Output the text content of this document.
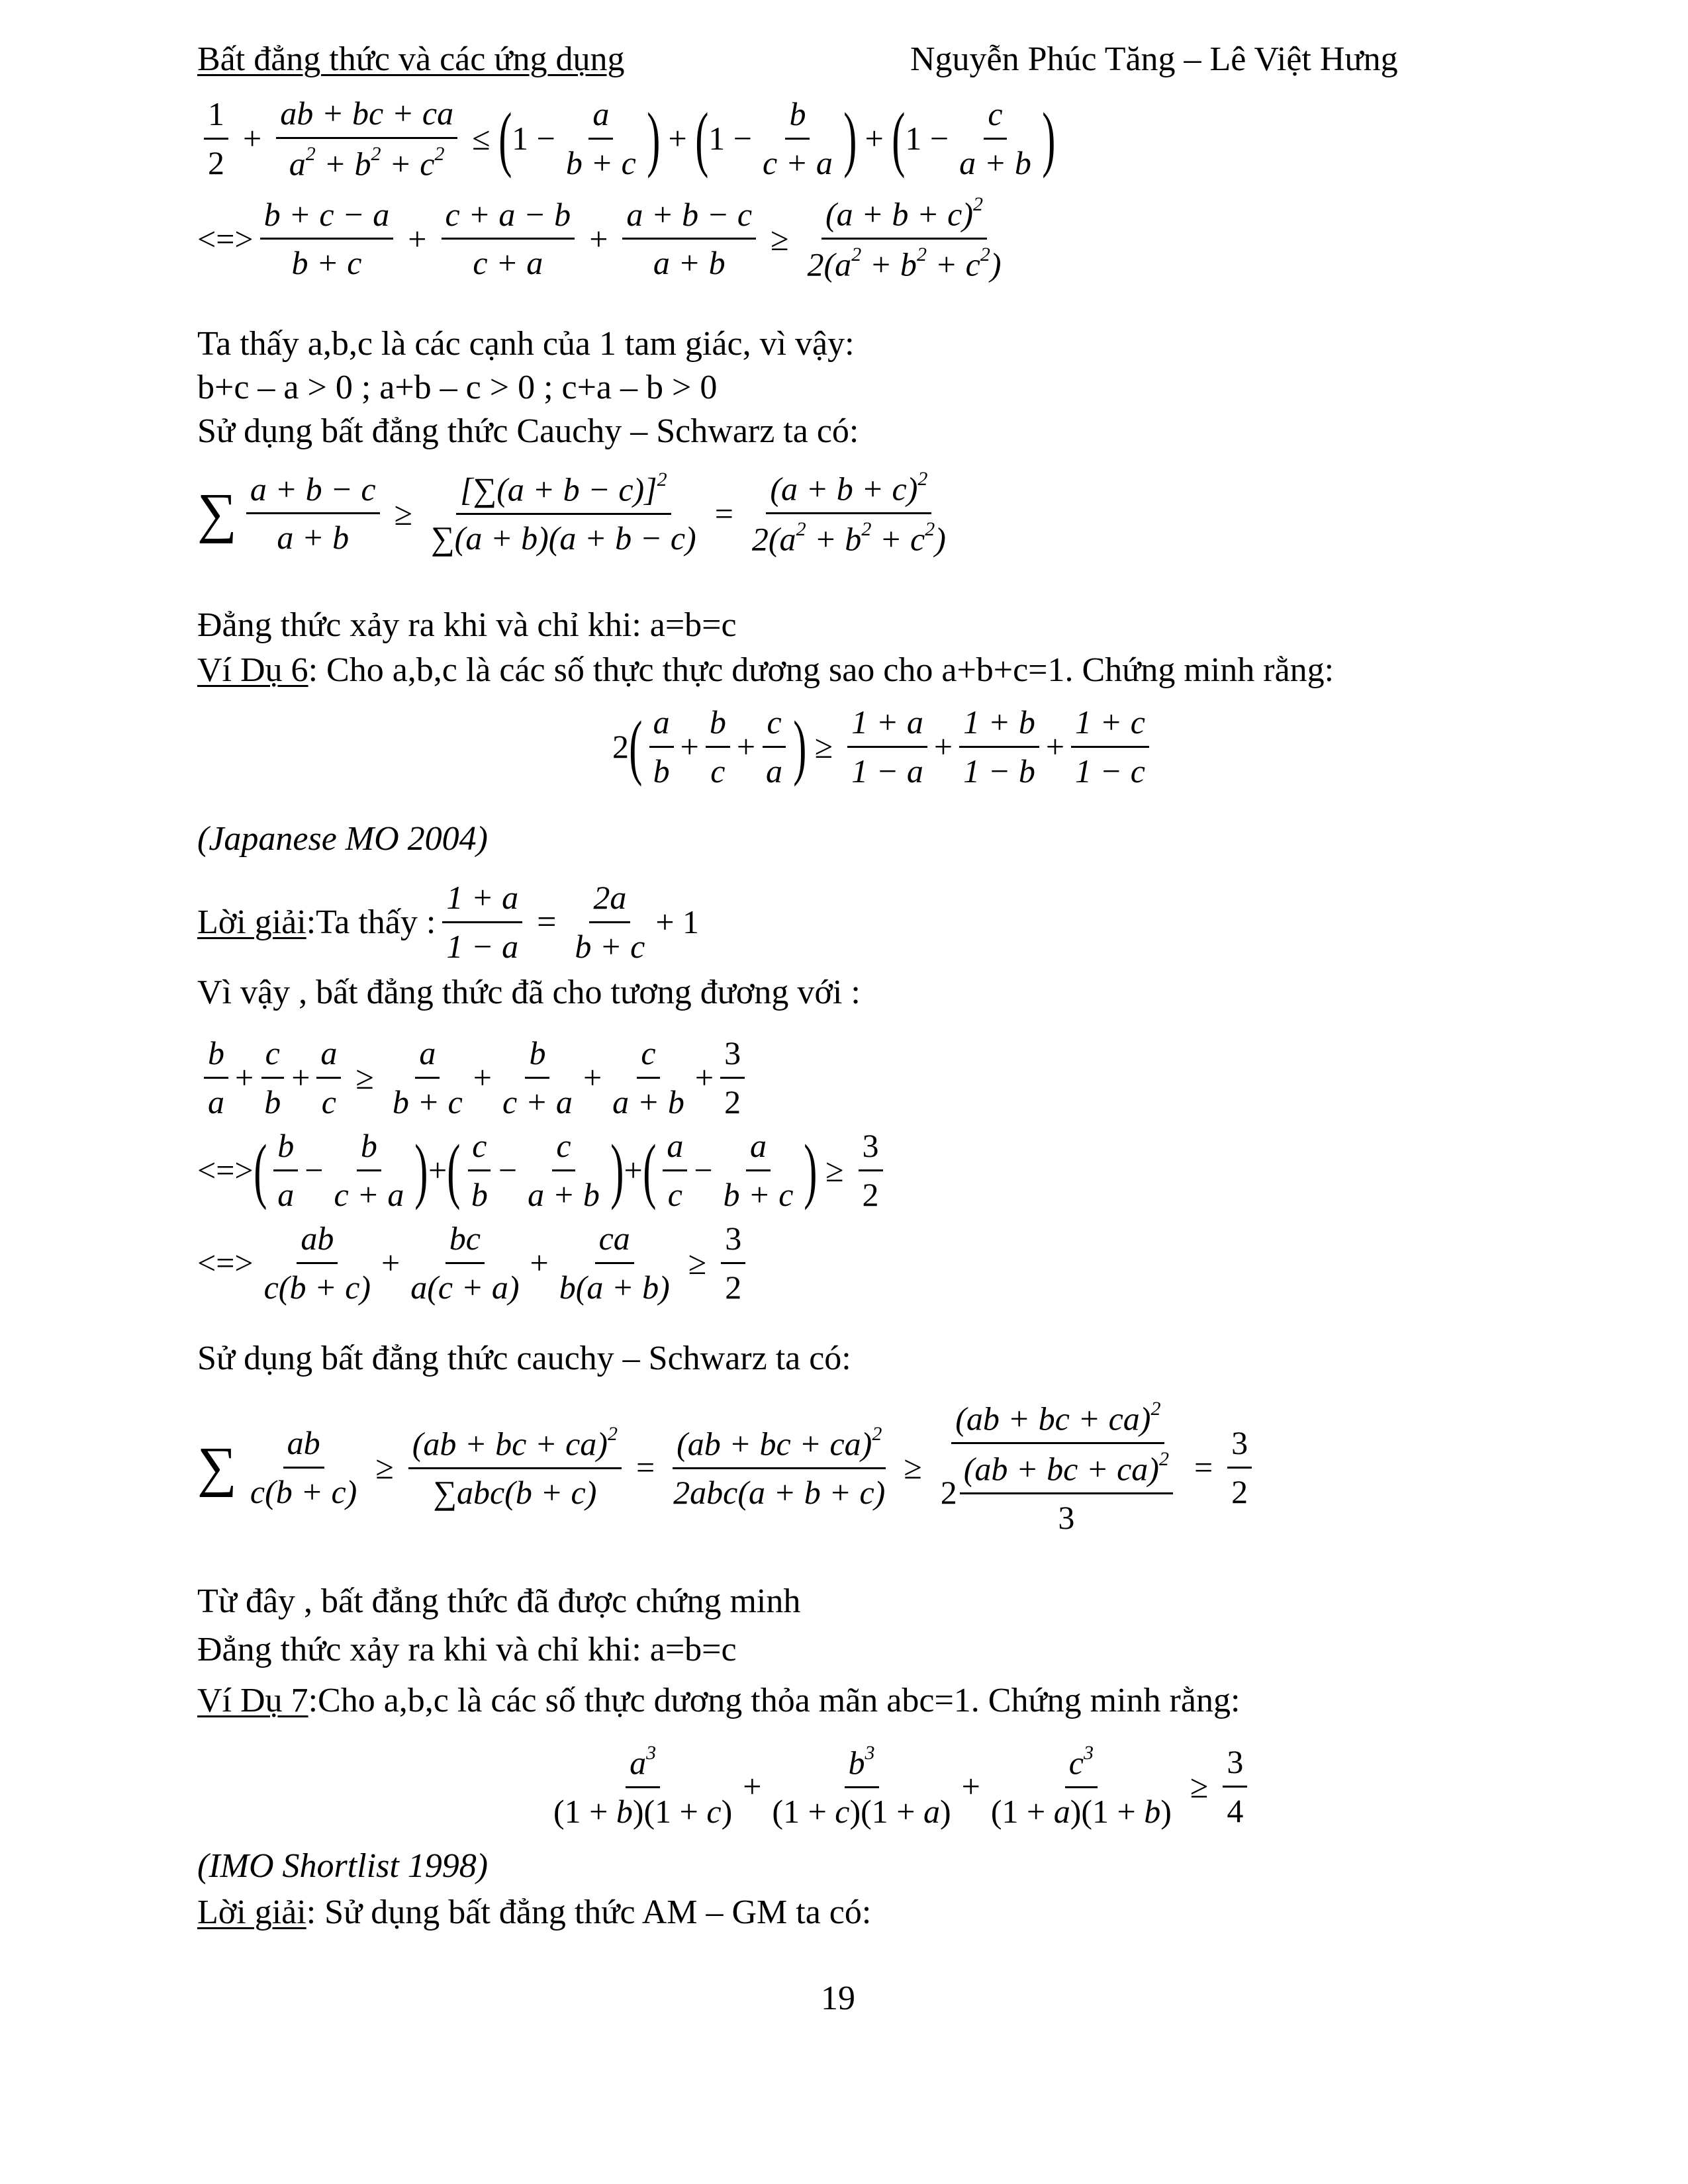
Bất đẳng thức và các ứng dụng	Nguyễn Phúc Tăng – Lê Việt Hưng
$\frac{1}{2} + \frac{ab + bc + ca}{a^2 + b^2 + c^2}$ ≤ ( $1 - \frac{a}{b + c}$ ) + ( $1 - \frac{b}{c + a}$ ) + ( $1 - \frac{c}{a + b}$ )
<=> $\frac{b + c - a}{b + c} + \frac{c + a - b}{c + a} + \frac{a + b - c}{a + b} \ge \frac{(a + b + c)^2}{2(a^2 + b^2 + c^2)}$
Ta thấy a,b,c là các cạnh của 1 tam giác, vì vậy:
b+c – a > 0 ; a+b – c > 0 ; c+a – b > 0
Sử dụng bất đẳng thức Cauchy – Schwarz ta có:
∑ $\frac{a + b - c}{a + b} \ge \frac{[\sum(a + b - c)]^2}{\sum(a + b)(a + b - c)} = \frac{(a + b + c)^2}{2(a^2 + b^2 + c^2)}$
Đẳng thức xảy ra khi và chỉ khi: a=b=c
Ví Dụ 6: Cho a,b,c là các số thực thực dương sao cho a+b+c=1. Chứng minh rằng:
2 ( $\frac{a}{b} + \frac{b}{c} + \frac{c}{a}$ ) ≥ $\frac{1 + a}{1 - a} + \frac{1 + b}{1 - b} + \frac{1 + c}{1 - c}$
(Japanese MO 2004)
Lời giải :Ta thấy : $\frac{1 + a}{1 - a} = \frac{2a}{b + c} + 1$
Vì vậy , bất đẳng thức đã cho tương đương với :
$\frac{b}{a} + \frac{c}{b} + \frac{a}{c} \ge \frac{a}{b + c} + \frac{b}{c + a} + \frac{c}{a + b} + \frac{3}{2}$
<=> ( $\frac{b}{a} - \frac{b}{c + a}$ ) + ( $\frac{c}{b} - \frac{c}{a + b}$ ) + ( $\frac{a}{c} - \frac{a}{b + c}$ ) ≥ $\frac{3}{2}$
<=> $\frac{ab}{c(b + c)} + \frac{bc}{a(c + a)} + \frac{ca}{b(a + b)} \ge \frac{3}{2}$
Sử dụng bất đẳng thức cauchy – Schwarz ta có:
∑ $\frac{ab}{c(b + c)} \ge \frac{(ab + bc + ca)^2}{\text{∑abc(b + c)}} = \frac{(ab + bc + ca)^2}{\text{2abc(a + b + c)}} \ge \frac{(ab + bc + ca)^2}{2 \frac{(ab + bc + ca)^2}{3}} = \frac{3}{2}$
Từ đây , bất đẳng thức đã được chứng minh
Đẳng thức xảy ra khi và chỉ khi: a=b=c
Ví Dụ 7:Cho a,b,c là các số thực dương thỏa mãn abc=1. Chứng minh rằng:
$\frac{a^3}{(1 + b)(1 + c)} + \frac{b^3}{(1 + c)(1 + a)} + \frac{c^3}{(1 + a)(1 + b)} \ge \frac{3}{4}$
(IMO Shortlist 1998)
Lời giải: Sử dụng bất đẳng thức AM – GM ta có:
19
